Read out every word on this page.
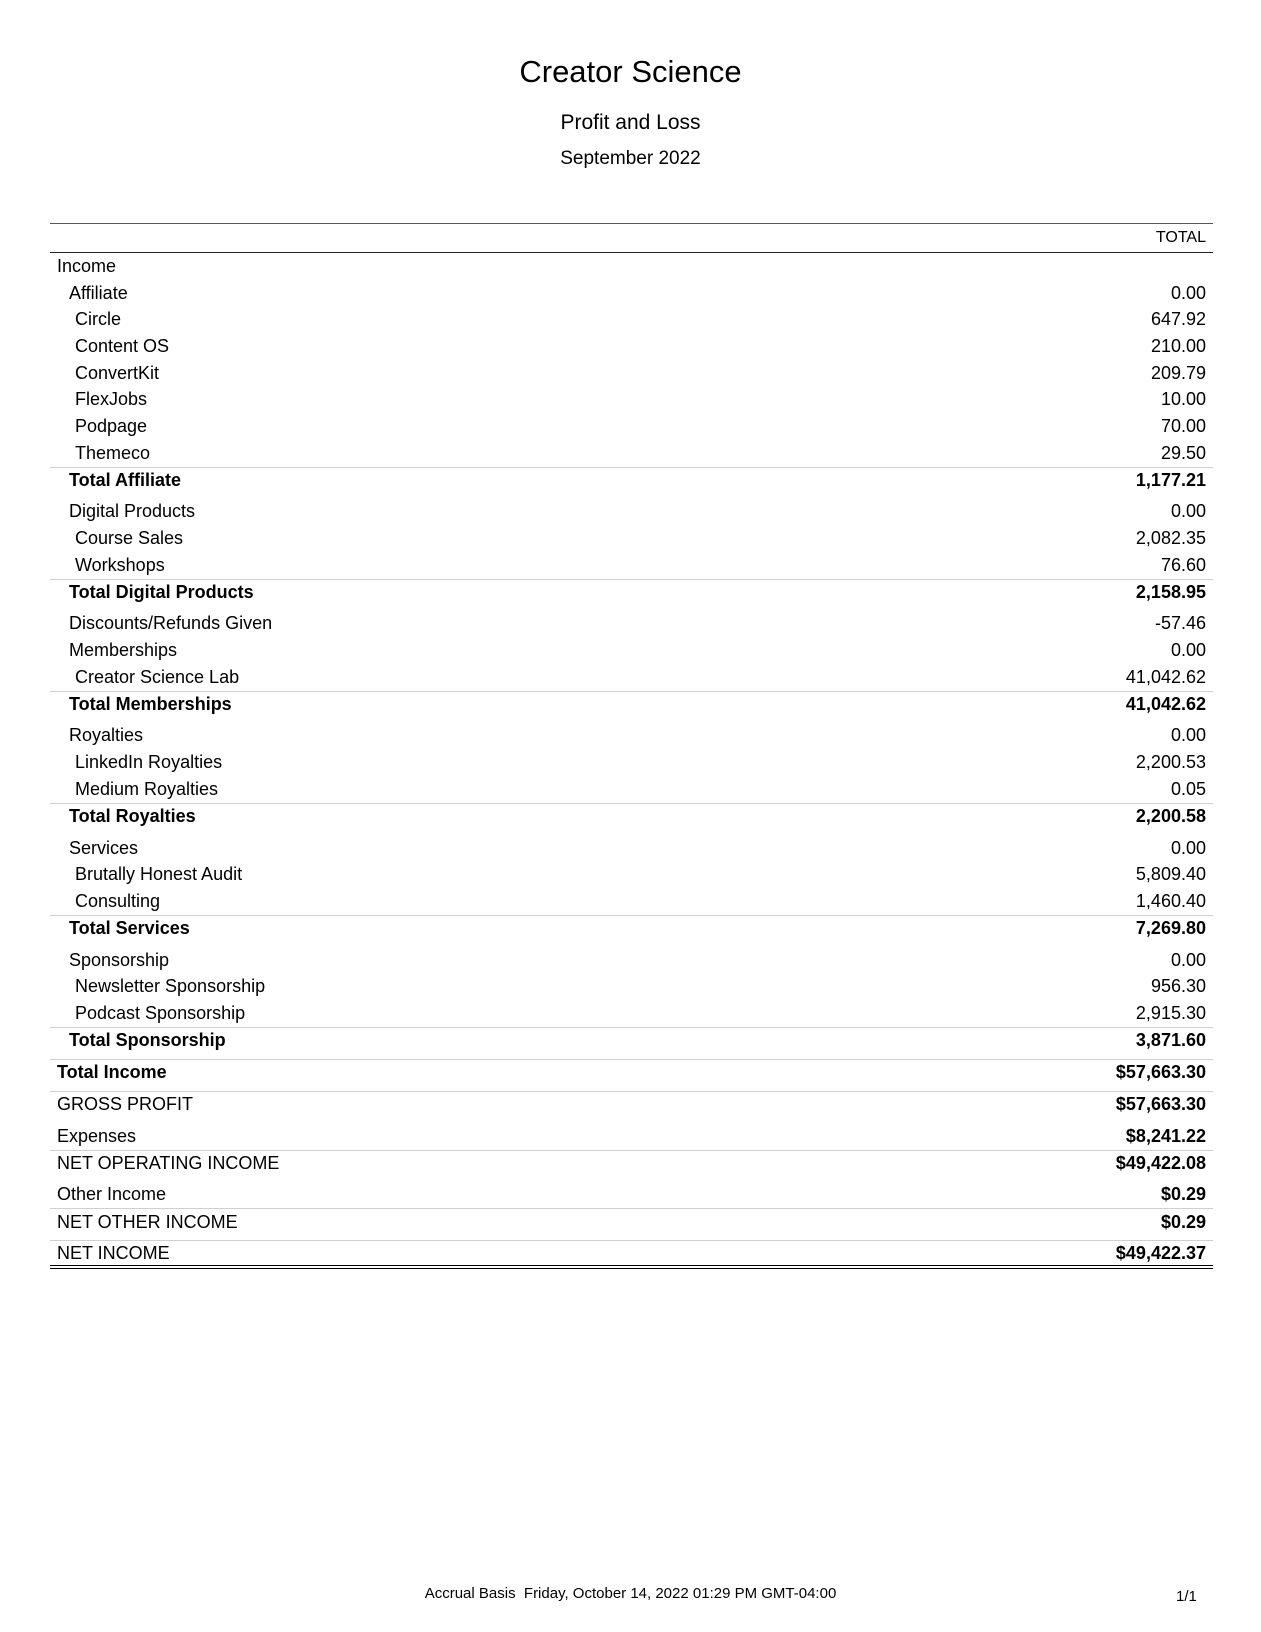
Creator Science
Profit and Loss
September 2022
TOTAL
Income
Affiliate	0.00
Circle	647.92
Content OS	210.00
ConvertKit	209.79
FlexJobs	10.00
Podpage	70.00
Themeco	29.50
Total Affiliate	1,177.21
Digital Products	0.00
Course Sales	2,082.35
Workshops	76.60
Total Digital Products	2,158.95
Discounts/Refunds Given	-57.46
Memberships	0.00
Creator Science Lab	41,042.62
Total Memberships	41,042.62
Royalties	0.00
LinkedIn Royalties	2,200.53
Medium Royalties	0.05
Total Royalties	2,200.58
Services	0.00
Brutally Honest Audit	5,809.40
Consulting	1,460.40
Total Services	7,269.80
Sponsorship	0.00
Newsletter Sponsorship	956.30
Podcast Sponsorship	2,915.30
Total Sponsorship	3,871.60
Total Income	$57,663.30
GROSS PROFIT	$57,663.30
Expenses	$8,241.22
NET OPERATING INCOME	$49,422.08
Other Income	$0.29
NET OTHER INCOME	$0.29
NET INCOME	$49,422.37
Accrual Basis  Friday, October 14, 2022 01:29 PM GMT-04:00	1/1
